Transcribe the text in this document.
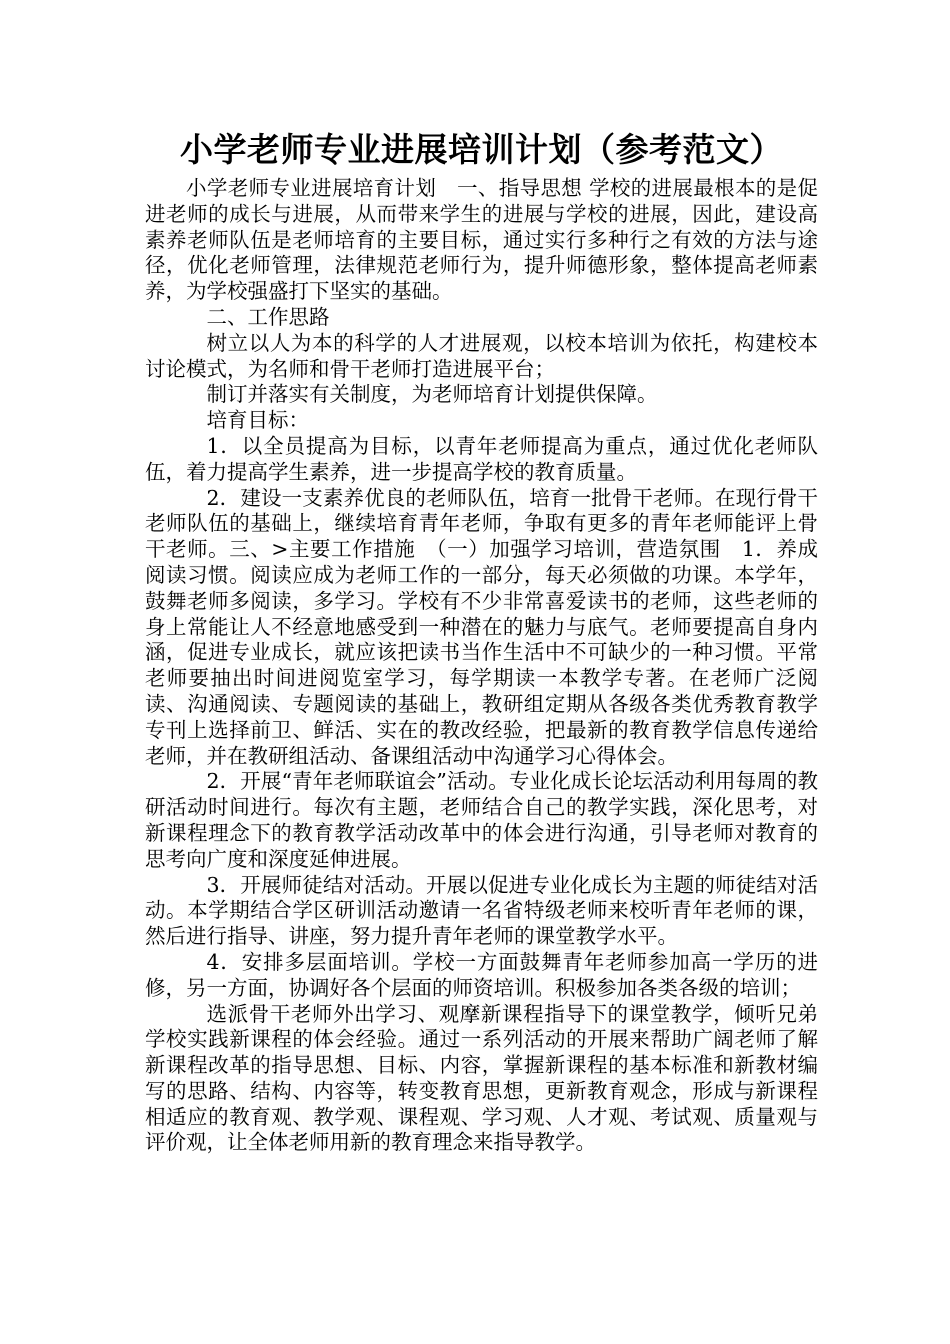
小学老师专业进展培训计划（参考范文）

小学老师专业进展培育计划　一、指导思想 学校的进展最根本的是促进老师的成长与进展，从而带来学生的进展与学校的进展，因此，建设高素养老师队伍是老师培育的主要目标，通过实行多种行之有效的方法与途径，优化老师管理，法律规范老师行为，提升师德形象，整体提高老师素养，为学校强盛打下坚实的基础。

二、工作思路

树立以人为本的科学的人才进展观，以校本培训为依托，构建校本讨论模式，为名师和骨干老师打造进展平台；

制订并落实有关制度，为老师培育计划提供保障。

培育目标：

1．以全员提高为目标，以青年老师提高为重点，通过优化老师队伍，着力提高学生素养，进一步提高学校的教育质量。

2．建设一支素养优良的老师队伍，培育一批骨干老师。在现行骨干老师队伍的基础上，继续培育青年老师，争取有更多的青年老师能评上骨干老师。三、>主要工作措施　（一）加强学习培训，营造氛围　1．养成阅读习惯。阅读应成为老师工作的一部分，每天必须做的功课。本学年，鼓舞老师多阅读，多学习。学校有不少非常喜爱读书的老师，这些老师的身上常能让人不经意地感受到一种潜在的魅力与底气。老师要提高自身内涵，促进专业成长，就应该把读书当作生活中不可缺少的一种习惯。平常老师要抽出时间进阅览室学习，每学期读一本教学专著。在老师广泛阅读、沟通阅读、专题阅读的基础上，教研组定期从各级各类优秀教育教学专刊上选择前卫、鲜活、实在的教改经验，把最新的教育教学信息传递给老师，并在教研组活动、备课组活动中沟通学习心得体会。

2．开展“青年老师联谊会”活动。专业化成长论坛活动利用每周的教研活动时间进行。每次有主题，老师结合自己的教学实践，深化思考，对新课程理念下的教育教学活动改革中的体会进行沟通，引导老师对教育的思考向广度和深度延伸进展。

3．开展师徒结对活动。开展以促进专业化成长为主题的师徒结对活动。本学期结合学区研训活动邀请一名省特级老师来校听青年老师的课，然后进行指导、讲座，努力提升青年老师的课堂教学水平。

4．安排多层面培训。学校一方面鼓舞青年老师参加高一学历的进修，另一方面，协调好各个层面的师资培训。积极参加各类各级的培训；

选派骨干老师外出学习、观摩新课程指导下的课堂教学，倾听兄弟学校实践新课程的体会经验。通过一系列活动的开展来帮助广阔老师了解新课程改革的指导思想、目标、内容，掌握新课程的基本标准和新教材编写的思路、结构、内容等，转变教育思想，更新教育观念，形成与新课程相适应的教育观、教学观、课程观、学习观、人才观、考试观、质量观与评价观，让全体老师用新的教育理念来指导教学。
